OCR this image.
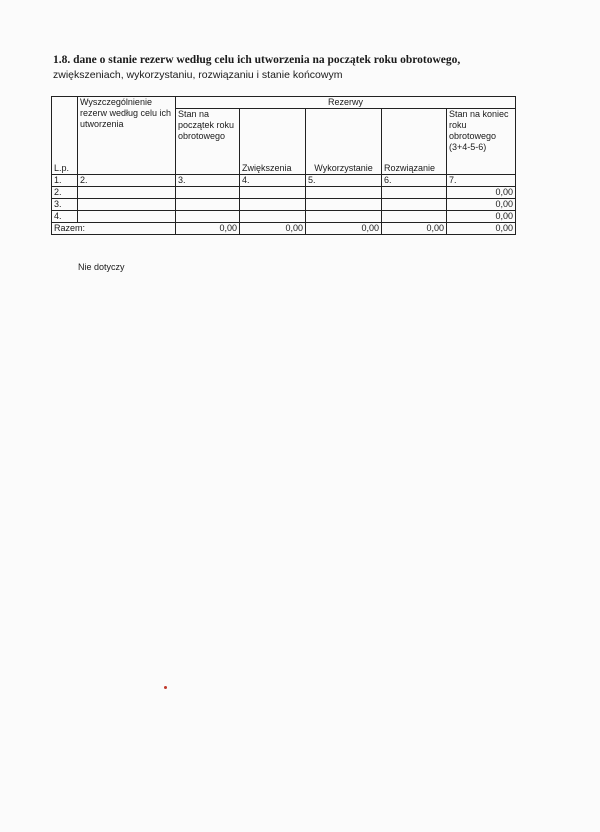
1.8. dane o stanie rezerw według celu ich utworzenia na początek roku obrotowego,
zwiększeniach, wykorzystaniu, rozwiązaniu i stanie końcowym
L.p.	Wyszczególnienie rezerw według celu ich utworzenia	Rezerwy				
		Stan na początek roku obrotowego	Zwiększenia	Wykorzystanie	Rozwiązanie	Stan na koniec roku obrotowego (3+4-5-6)
1.	2.	3.	4.	5.	6.	7.
2.						0,00
3.						0,00
4.						0,00
Razem:		0,00	0,00	0,00	0,00	0,00
Nie dotyczy
